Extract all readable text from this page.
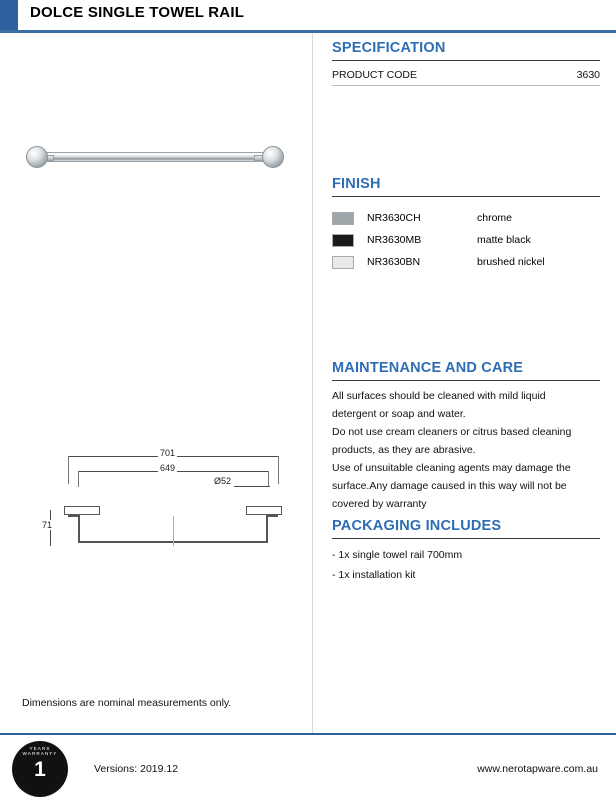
DOLCE SINGLE TOWEL RAIL
701
649
Ø52
71
Dimensions are nominal measurements only.
SPECIFICATION
PRODUCT CODE	3630
FINISH
NR3630CH	chrome
NR3630MB	matte black
NR3630BN	brushed nickel
MAINTENANCE AND CARE
All surfaces should be cleaned with mild liquid
detergent or soap and water.
Do not use cream cleaners or citrus based cleaning
products, as they are abrasive.
Use of unsuitable cleaning agents may damage the
surface.Any damage caused in this way will not be
covered by warranty
PACKAGING INCLUDES
- 1x single towel rail 700mm
- 1x installation kit
YEARS WARRANTY
1	Versions: 2019.12	www.nerotapware.com.au
